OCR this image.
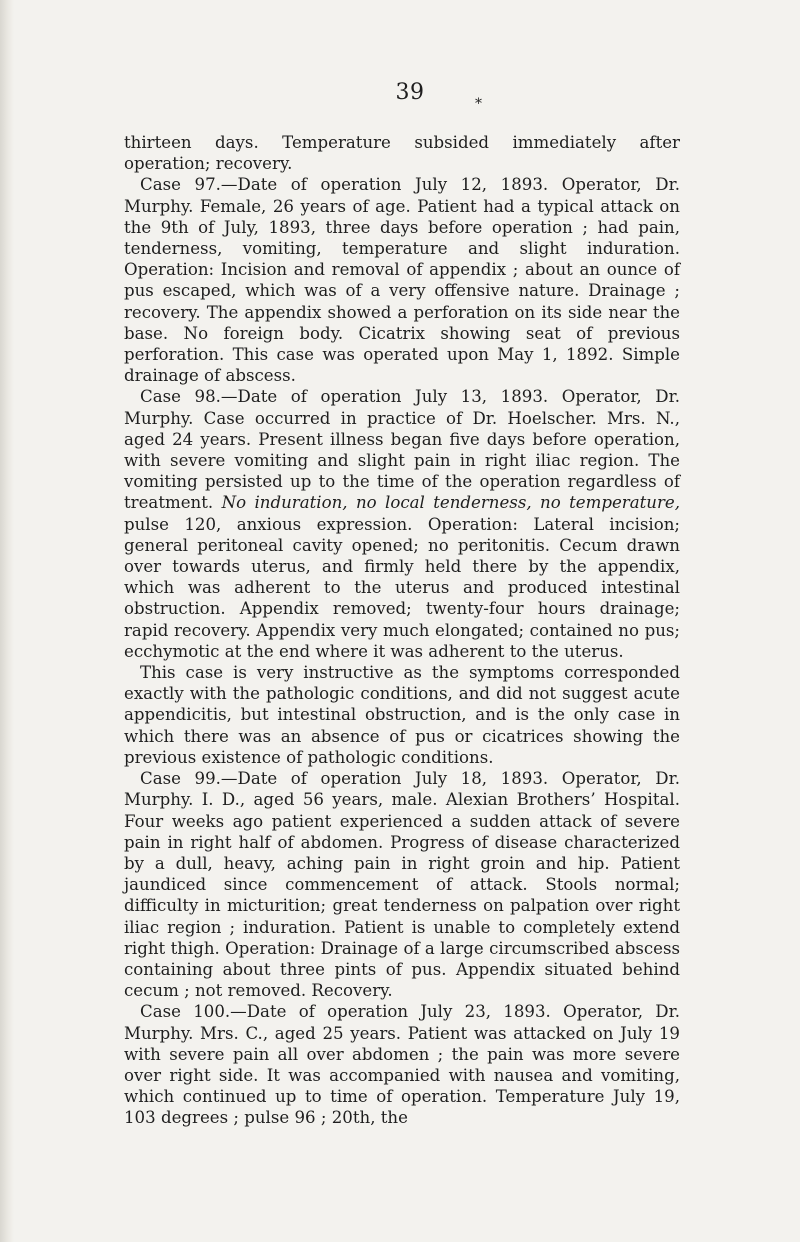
39	*

thirteen days. Temperature subsided immediately after operation; recovery.

Case 97.—Date of operation July 12, 1893. Operator, Dr. Murphy. Female, 26 years of age. Patient had a typical attack on the 9th of July, 1893, three days before operation ; had pain, tenderness, vomiting, temperature and slight induration. Operation: Incision and removal of appendix ; about an ounce of pus escaped, which was of a very offensive nature. Drainage ; recovery. The appendix showed a perforation on its side near the base. No foreign body. Cicatrix showing seat of previous perforation. This case was operated upon May 1, 1892. Simple drainage of abscess.

Case 98.—Date of operation July 13, 1893. Operator, Dr. Murphy. Case occurred in practice of Dr. Hoelscher. Mrs. N., aged 24 years. Present illness began five days before operation, with severe vomiting and slight pain in right iliac region. The vomiting persisted up to the time of the operation regardless of treatment. No induration, no local tenderness, no temperature, pulse 120, anxious expression. Operation: Lateral incision; general peritoneal cavity opened; no peritonitis. Cecum drawn over towards uterus, and firmly held there by the appendix, which was adherent to the uterus and produced intestinal obstruction. Appendix removed; twenty-four hours drainage; rapid recovery. Appendix very much elongated; contained no pus; ecchymotic at the end where it was adherent to the uterus.

This case is very instructive as the symptoms corresponded exactly with the pathologic conditions, and did not suggest acute appendicitis, but intestinal obstruction, and is the only case in which there was an absence of pus or cicatrices showing the previous existence of pathologic conditions.

Case 99.—Date of operation July 18, 1893. Operator, Dr. Murphy. I. D., aged 56 years, male. Alexian Brothers’ Hospital. Four weeks ago patient experienced a sudden attack of severe pain in right half of abdomen. Progress of disease characterized by a dull, heavy, aching pain in right groin and hip. Patient jaundiced since commencement of attack. Stools normal; difficulty in micturition; great tenderness on palpation over right iliac region ; induration. Patient is unable to completely extend right thigh. Operation: Drainage of a large circumscribed abscess containing about three pints of pus. Appendix situated behind cecum ; not removed. Recovery.

Case 100.—Date of operation July 23, 1893. Operator, Dr. Murphy. Mrs. C., aged 25 years. Patient was attacked on July 19 with severe pain all over abdomen ; the pain was more severe over right side. It was accompanied with nausea and vomiting, which continued up to time of operation. Temperature July 19, 103 degrees ; pulse 96 ; 20th, the
